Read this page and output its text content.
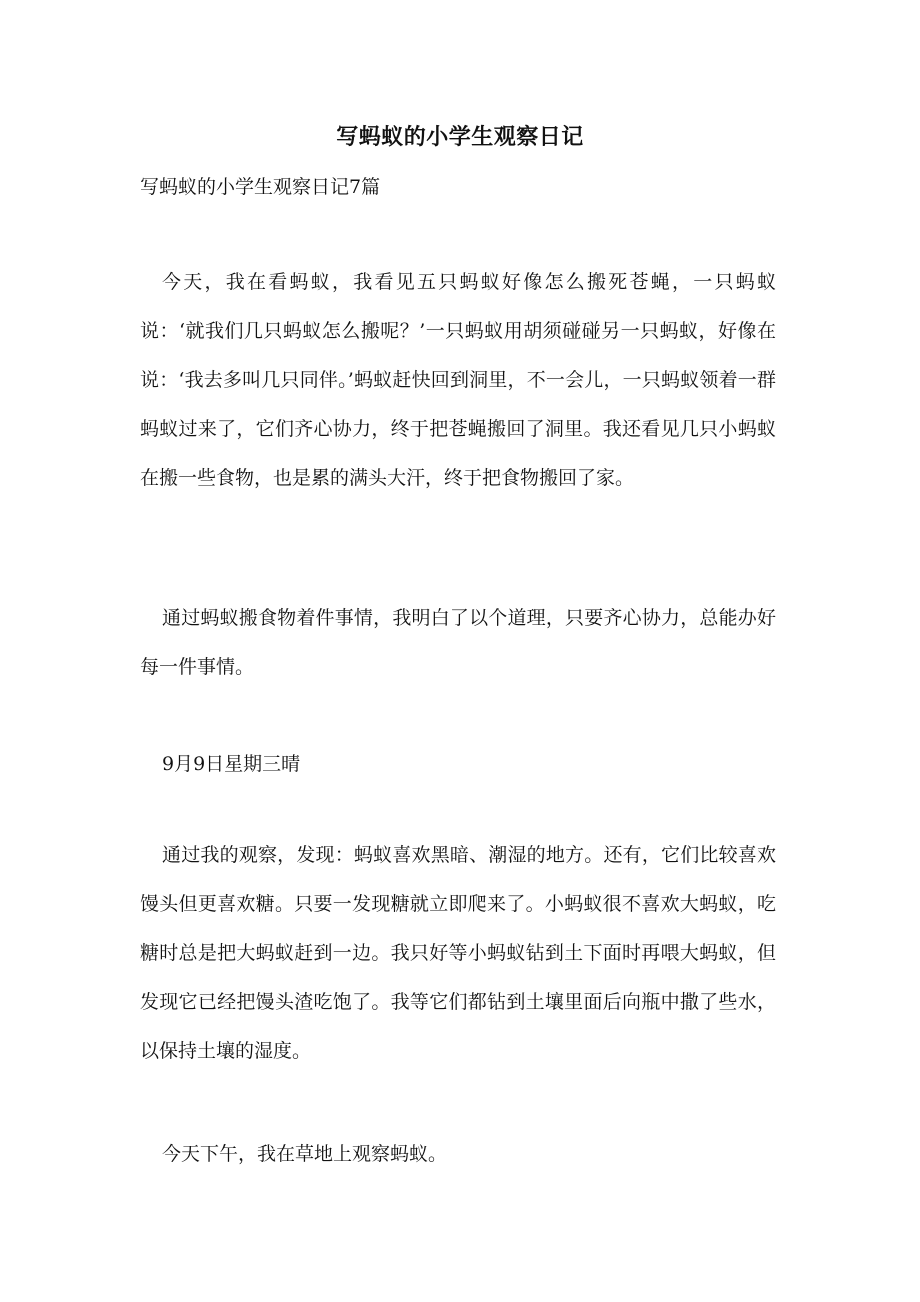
写蚂蚁的小学生观察日记
写蚂蚁的小学生观察日记7篇

今天，我在看蚂蚁，我看见五只蚂蚁好像怎么搬死苍蝇，一只蚂蚁说：‘就我们几只蚂蚁怎么搬呢？’一只蚂蚁用胡须碰碰另一只蚂蚁，好像在说：‘我去多叫几只同伴。’蚂蚁赶快回到洞里，不一会儿，一只蚂蚁领着一群蚂蚁过来了，它们齐心协力，终于把苍蝇搬回了洞里。我还看见几只小蚂蚁在搬一些食物，也是累的满头大汗，终于把食物搬回了家。

通过蚂蚁搬食物着件事情，我明白了以个道理，只要齐心协力，总能办好每一件事情。

9月9日星期三晴

通过我的观察，发现：蚂蚁喜欢黑暗、潮湿的地方。还有，它们比较喜欢馒头但更喜欢糖。只要一发现糖就立即爬来了。小蚂蚁很不喜欢大蚂蚁，吃糖时总是把大蚂蚁赶到一边。我只好等小蚂蚁钻到土下面时再喂大蚂蚁，但发现它已经把馒头渣吃饱了。我等它们都钻到土壤里面后向瓶中撒了些水，以保持土壤的湿度。

今天下午，我在草地上观察蚂蚁。
